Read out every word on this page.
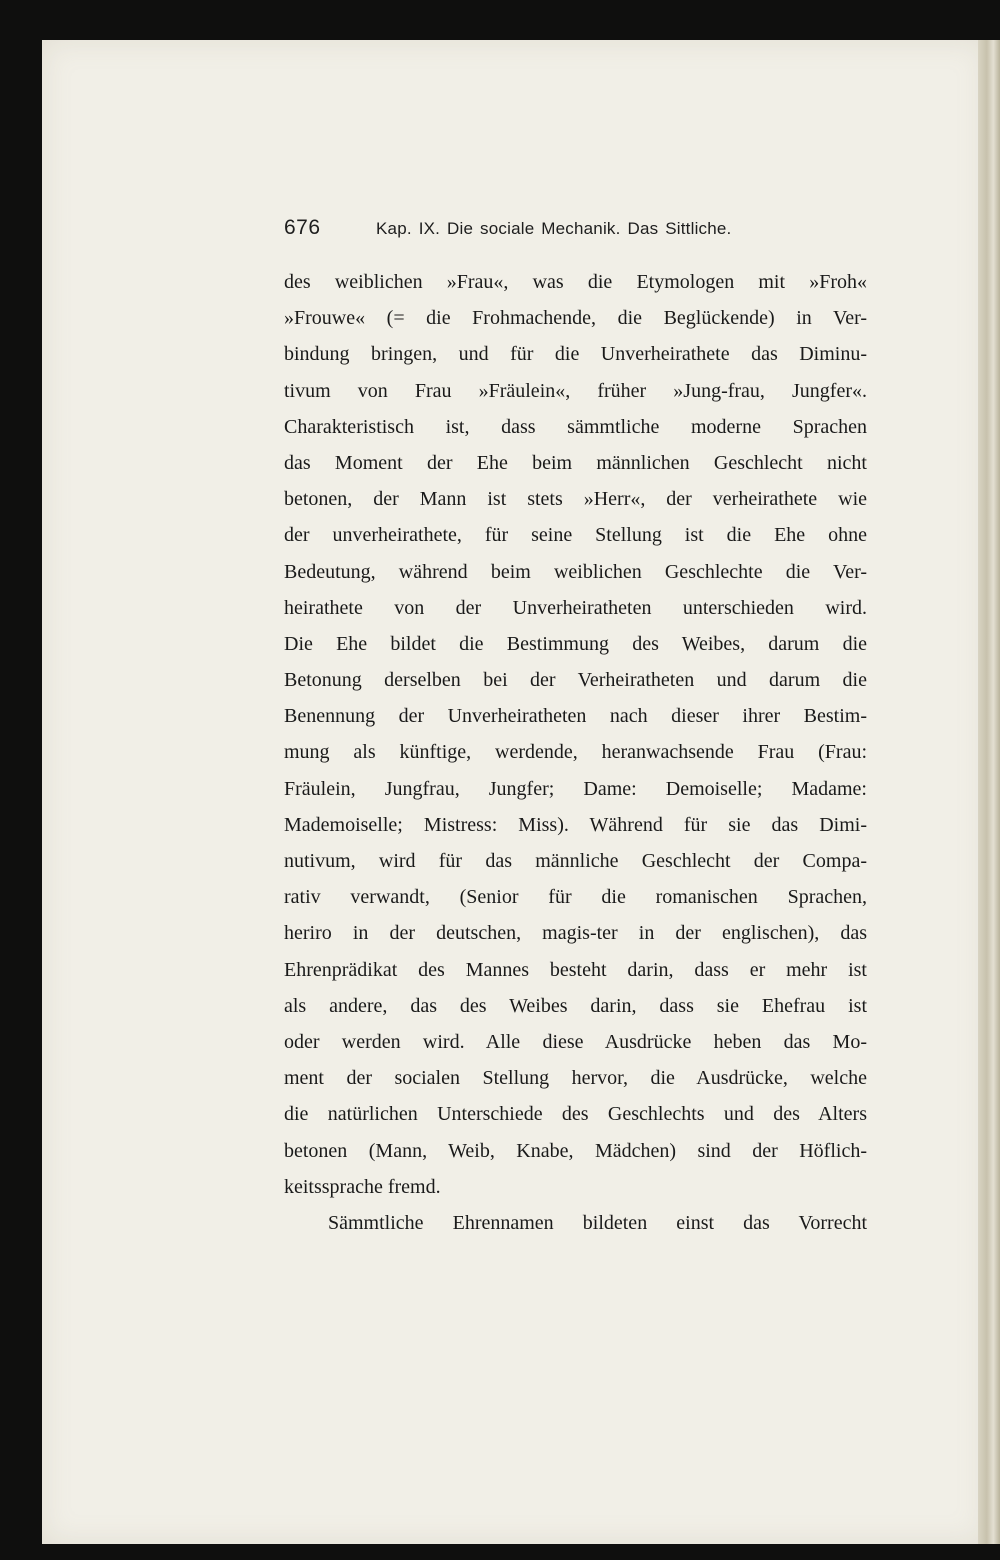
676	Kap. IX. Die sociale Mechanik. Das Sittliche.
des weiblichen »Frau«, was die Etymologen mit »Froh«
»Frouwe« (= die Frohmachende, die Beglückende) in Ver-
bindung bringen, und für die Unverheirathete das Diminu-
tivum von Frau »Fräulein«, früher »Jung-frau, Jungfer«.
Charakteristisch ist, dass sämmtliche moderne Sprachen
das Moment der Ehe beim männlichen Geschlecht nicht
betonen, der Mann ist stets »Herr«, der verheirathete wie
der unverheirathete, für seine Stellung ist die Ehe ohne
Bedeutung, während beim weiblichen Geschlechte die Ver-
heirathete von der Unverheiratheten unterschieden wird.
Die Ehe bildet die Bestimmung des Weibes, darum die
Betonung derselben bei der Verheiratheten und darum die
Benennung der Unverheiratheten nach dieser ihrer Bestim-
mung als künftige, werdende, heranwachsende Frau (Frau:
Fräulein, Jungfrau, Jungfer; Dame: Demoiselle; Madame:
Mademoiselle; Mistress: Miss). Während für sie das Dimi-
nutivum, wird für das männliche Geschlecht der Compa-
rativ verwandt, (Senior für die romanischen Sprachen,
heriro in der deutschen, magis-ter in der englischen), das
Ehrenprädikat des Mannes besteht darin, dass er mehr ist
als andere, das des Weibes darin, dass sie Ehefrau ist
oder werden wird. Alle diese Ausdrücke heben das Mo-
ment der socialen Stellung hervor, die Ausdrücke, welche
die natürlichen Unterschiede des Geschlechts und des Alters
betonen (Mann, Weib, Knabe, Mädchen) sind der Höflich-
keitssprache fremd.
Sämmtliche Ehrennamen bildeten einst das Vorrecht
